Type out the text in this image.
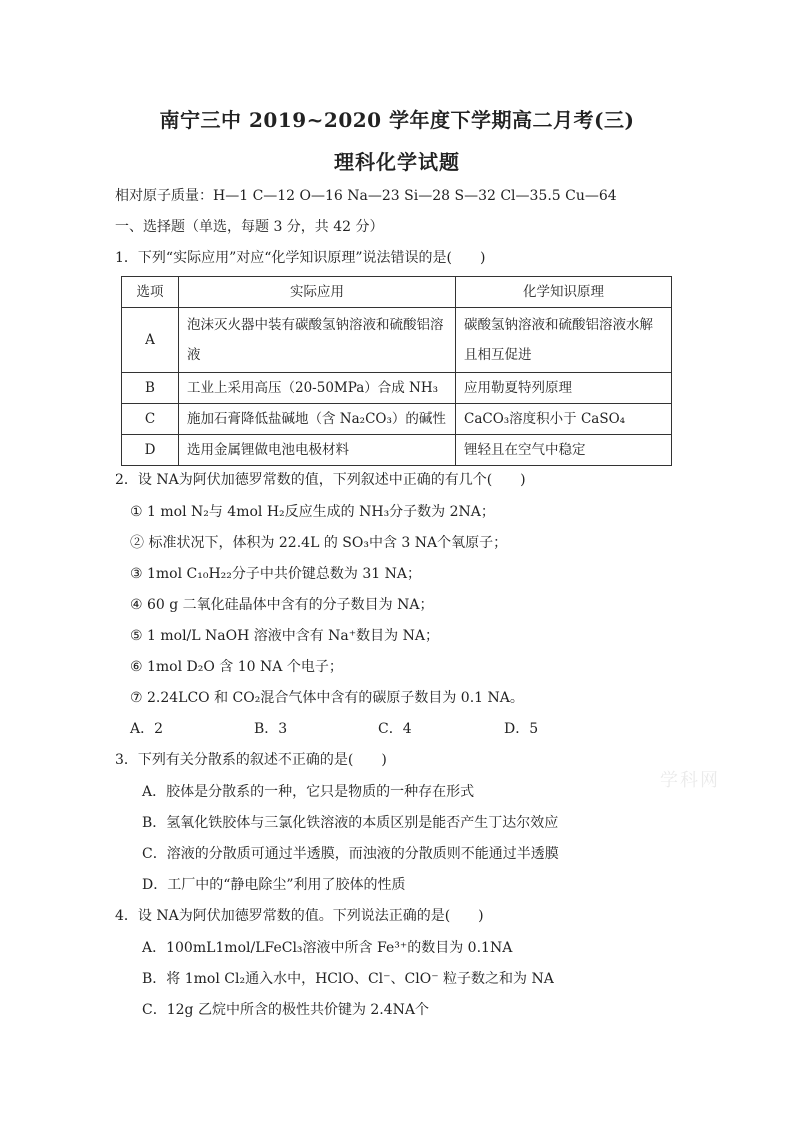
南宁三中 2019~2020 学年度下学期高二月考(三)
理科化学试题
相对原子质量：H—1 C—12 O—16 Na—23 Si—28 S—32 Cl—35.5 Cu—64
一、选择题（单选，每题 3 分，共 42 分）
1．下列“实际应用”对应“化学知识原理”说法错误的是(　　)
选项	实际应用	化学知识原理
A	泡沫灭火器中装有碳酸氢钠溶液和硫酸铝溶液	碳酸氢钠溶液和硫酸铝溶液水解且相互促进
B	工业上采用高压（20-50MPa）合成 NH₃	应用勒夏特列原理
C	施加石膏降低盐碱地（含 Na₂CO₃）的碱性	CaCO₃溶度积小于 CaSO₄
D	选用金属锂做电池电极材料	锂轻且在空气中稳定
2．设 NA为阿伏加德罗常数的值，下列叙述中正确的有几个(　　)
① 1 mol N₂与 4mol H₂反应生成的 NH₃分子数为 2NA；
② 标准状况下，体积为 22.4L 的 SO₃中含 3 NA个氧原子；
③ 1mol C₁₀H₂₂分子中共价键总数为 31 NA；
④ 60 g 二氧化硅晶体中含有的分子数目为 NA；
⑤ 1 mol/L NaOH 溶液中含有 Na⁺数目为 NA；
⑥ 1mol D₂O 含 10 NA 个电子；
⑦ 2.24LCO 和 CO₂混合气体中含有的碳原子数目为 0.1 NA。
A．2	B．3	C．4	D．5
3．下列有关分散系的叙述不正确的是(　　)
A．胶体是分散系的一种，它只是物质的一种存在形式
B．氢氧化铁胶体与三氯化铁溶液的本质区别是能否产生丁达尔效应
C．溶液的分散质可通过半透膜，而浊液的分散质则不能通过半透膜
D．工厂中的“静电除尘”利用了胶体的性质
4．设 NA为阿伏加德罗常数的值。下列说法正确的是(　　)
A．100mL1mol/LFeCl₃溶液中所含 Fe³⁺的数目为 0.1NA
B．将 1mol Cl₂通入水中，HClO、Cl⁻、ClO⁻ 粒子数之和为 NA
C．12g 乙烷中所含的极性共价键为 2.4NA个
学科网
